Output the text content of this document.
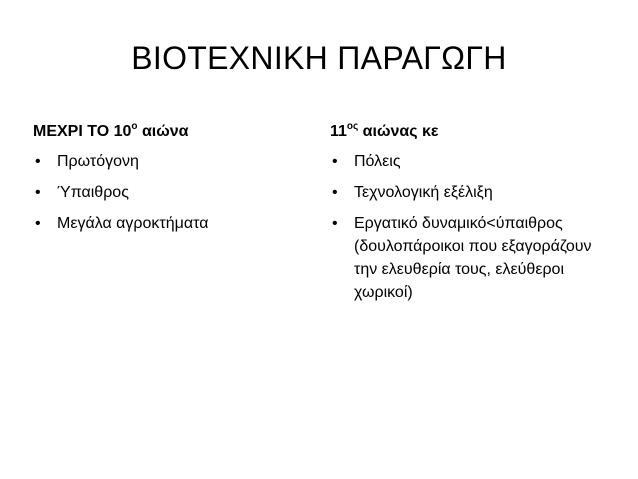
ΒΙΟΤΕΧΝΙΚΗ ΠΑΡΑΓΩΓΗ
ΜΕΧΡΙ ΤΟ $10^o$ αιώνα
• Πρωτόγονη
• Ύπαιθρος
• Μεγάλα αγροκτήματα
$11^{o\varsigma}$ αιώνας κε
• Πόλεις
• Τεχνολογική εξέλιξη
• Εργατικό δυναμικό<ύπαιθρος (δουλοπάροικοι που εξαγοράζουν την ελευθερία τους, ελεύθεροι χωρικοί)
